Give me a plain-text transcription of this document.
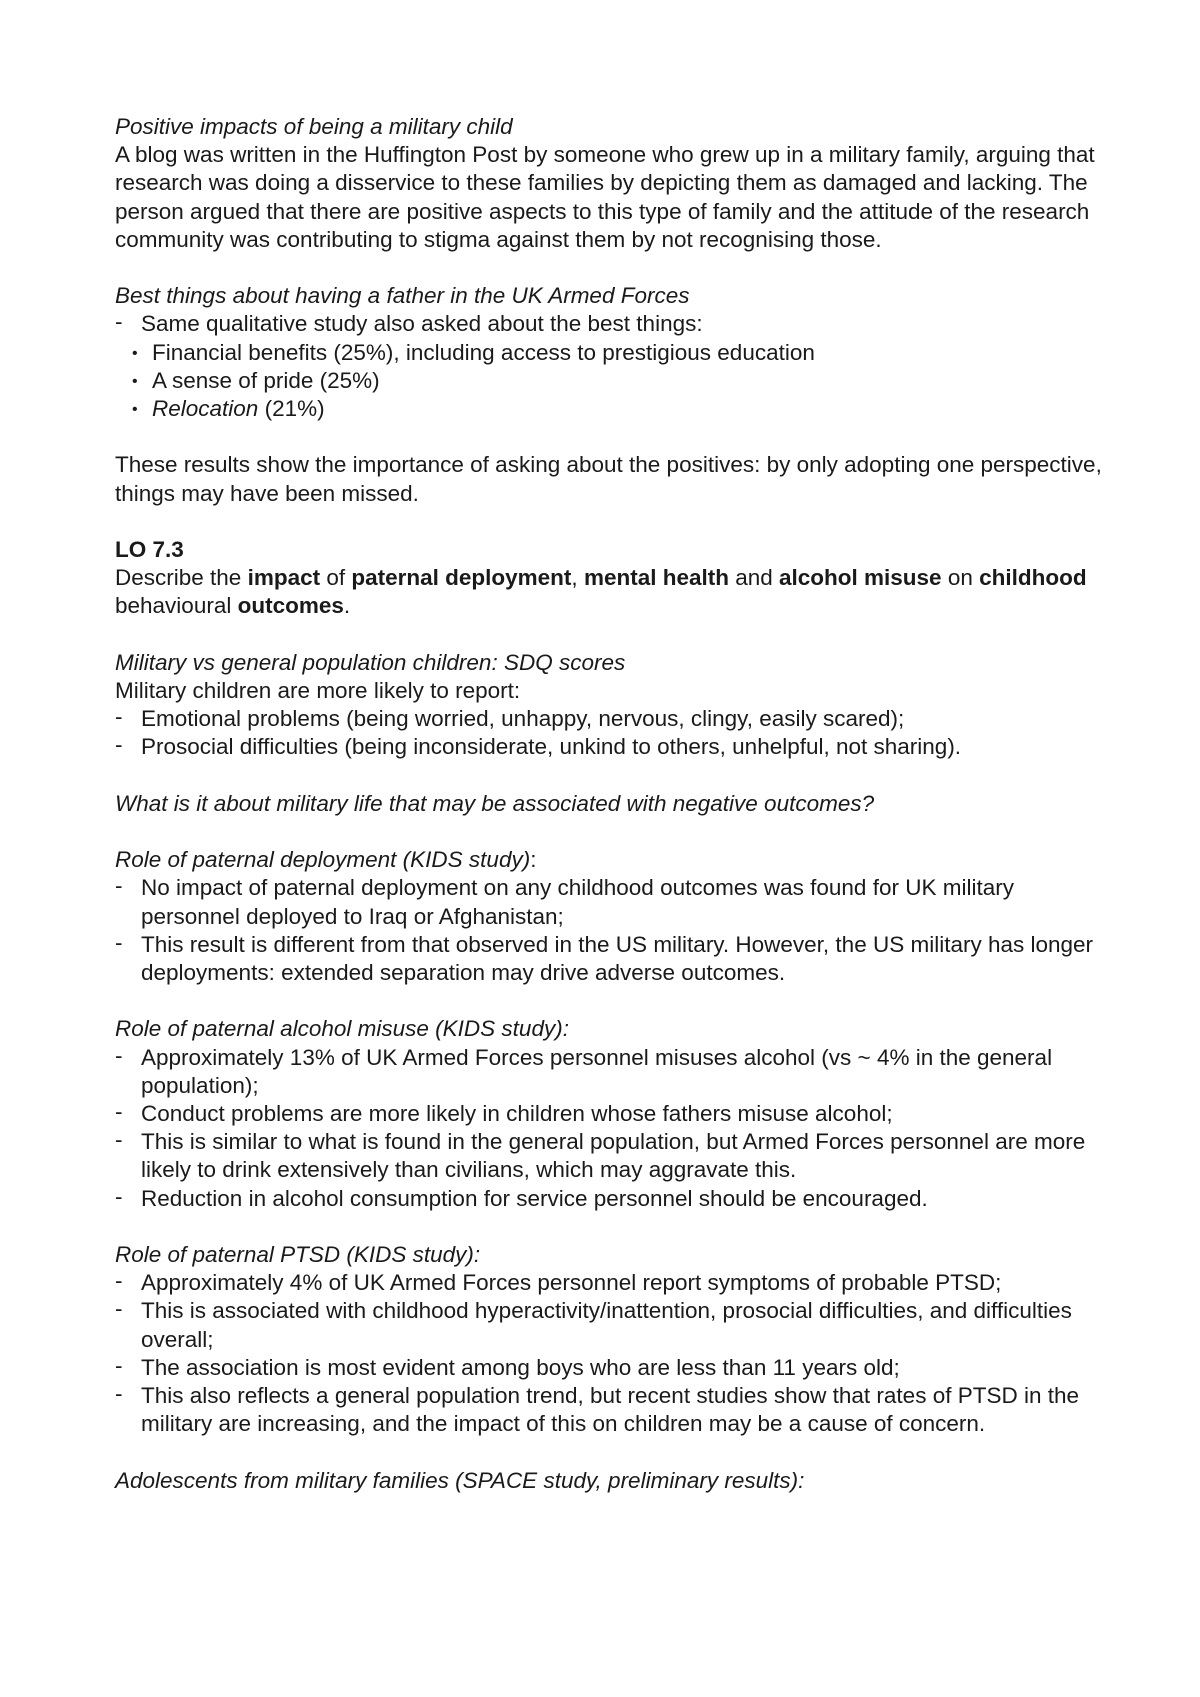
Positive impacts of being a military child

A blog was written in the Huffington Post by someone who grew up in a military family, arguing that research was doing a disservice to these families by depicting them as damaged and lacking. The person argued that there are positive aspects to this type of family and the attitude of the research community was contributing to stigma against them by not recognising those.

Best things about having a father in the UK Armed Forces

- Same qualitative study also asked about the best things:
• Financial benefits (25%), including access to prestigious education
• A sense of pride (25%)
• Relocation (21%)

These results show the importance of asking about the positives: by only adopting one perspective, things may have been missed.

LO 7.3

Describe the impact of paternal deployment, mental health and alcohol misuse on childhood behavioural outcomes.

Military vs general population children: SDQ scores

Military children are more likely to report:

- Emotional problems (being worried, unhappy, nervous, clingy, easily scared);
- Prosocial difficulties (being inconsiderate, unkind to others, unhelpful, not sharing).

What is it about military life that may be associated with negative outcomes?

Role of paternal deployment (KIDS study):

- No impact of paternal deployment on any childhood outcomes was found for UK military personnel deployed to Iraq or Afghanistan;
- This result is different from that observed in the US military. However, the US military has longer deployments: extended separation may drive adverse outcomes.

Role of paternal alcohol misuse (KIDS study):

- Approximately 13% of UK Armed Forces personnel misuses alcohol (vs ~ 4% in the general population);
- Conduct problems are more likely in children whose fathers misuse alcohol;
- This is similar to what is found in the general population, but Armed Forces personnel are more likely to drink extensively than civilians, which may aggravate this.
- Reduction in alcohol consumption for service personnel should be encouraged.

Role of paternal PTSD (KIDS study):

- Approximately 4% of UK Armed Forces personnel report symptoms of probable PTSD;
- This is associated with childhood hyperactivity/inattention, prosocial difficulties, and difficulties overall;
- The association is most evident among boys who are less than 11 years old;
- This also reflects a general population trend, but recent studies show that rates of PTSD in the military are increasing, and the impact of this on children may be a cause of concern.

Adolescents from military families (SPACE study, preliminary results):
